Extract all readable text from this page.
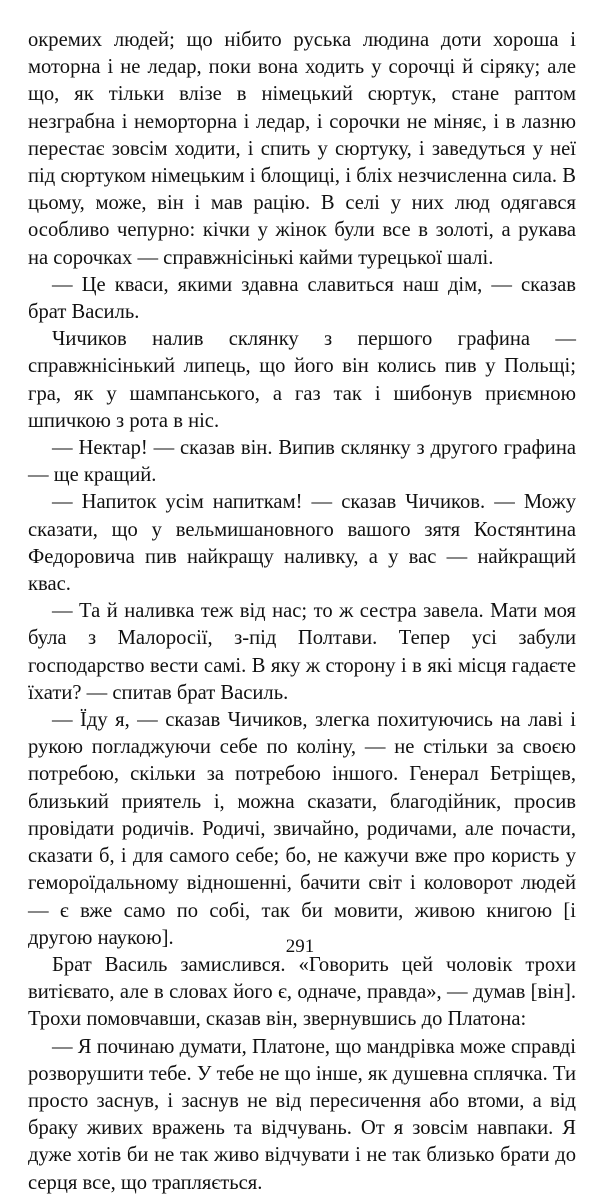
окремих людей; що нібито руська людина доти хороша і моторна і не ледар, поки вона ходить у сорочці й сіряку; але що, як тільки влізе в німецький сюртук, стане раптом незграбна і неморторна і ледар, і сорочки не міняє, і в лазню перестає зовсім ходити, і спить у сюртуку, і заведуться у неї під сюртуком німецьким і блощиці, і бліх незчисленна сила. В цьому, може, він і мав рацію. В селі у них люд одягався особливо чепурно: кічки у жінок були все в золоті, а рукава на сорочках — справжнісінькі кайми турецької шалі.

— Це кваси, якими здавна славиться наш дім, — сказав брат Василь.

Чичиков налив склянку з першого графина — справжнісінький липець, що його він колись пив у Польщі; гра, як у шампанського, а газ так і шибонув приємною шпичкою з рота в ніс.

— Нектар! — сказав він. Випив склянку з другого графина — ще кращий.

— Напиток усім напиткам! — сказав Чичиков. — Можу сказати, що у вельмишановного вашого зятя Костянтина Федоровича пив найкращу наливку, а у вас — найкращий квас.

— Та й наливка теж від нас; то ж сестра завела. Мати моя була з Малоросії, з-під Полтави. Тепер усі забули господарство вести самі. В яку ж сторону і в які місця гадаєте їхати? — спитав брат Василь.

— Їду я, — сказав Чичиков, злегка похитуючись на лаві і рукою погладжуючи себе по коліну, — не стільки за своєю потребою, скільки за потребою іншого. Генерал Бетріщев, близький приятель і, можна сказати, благодійник, просив провідати родичів. Родичі, звичайно, родичами, але почасти, сказати б, і для самого себе; бо, не кажучи вже про користь у гемороїдальному відношенні, бачити світ і коловорот людей — є вже само по собі, так би мовити, живою книгою [і другою наукою].

Брат Василь замислився. «Говорить цей чоловік трохи витієвато, але в словах його є, одначе, правда», — думав [він]. Трохи помовчавши, сказав він, звернувшись до Платона:

— Я починаю думати, Платоне, що мандрівка може справді розворушити тебе. У тебе не що інше, як душевна сплячка. Ти просто заснув, і заснув не від пересичення або втоми, а від браку живих вражень та відчувань. От я зовсім навпаки. Я дуже хотів би не так живо відчувати і не так близько брати до серця все, що трапляється.

291
